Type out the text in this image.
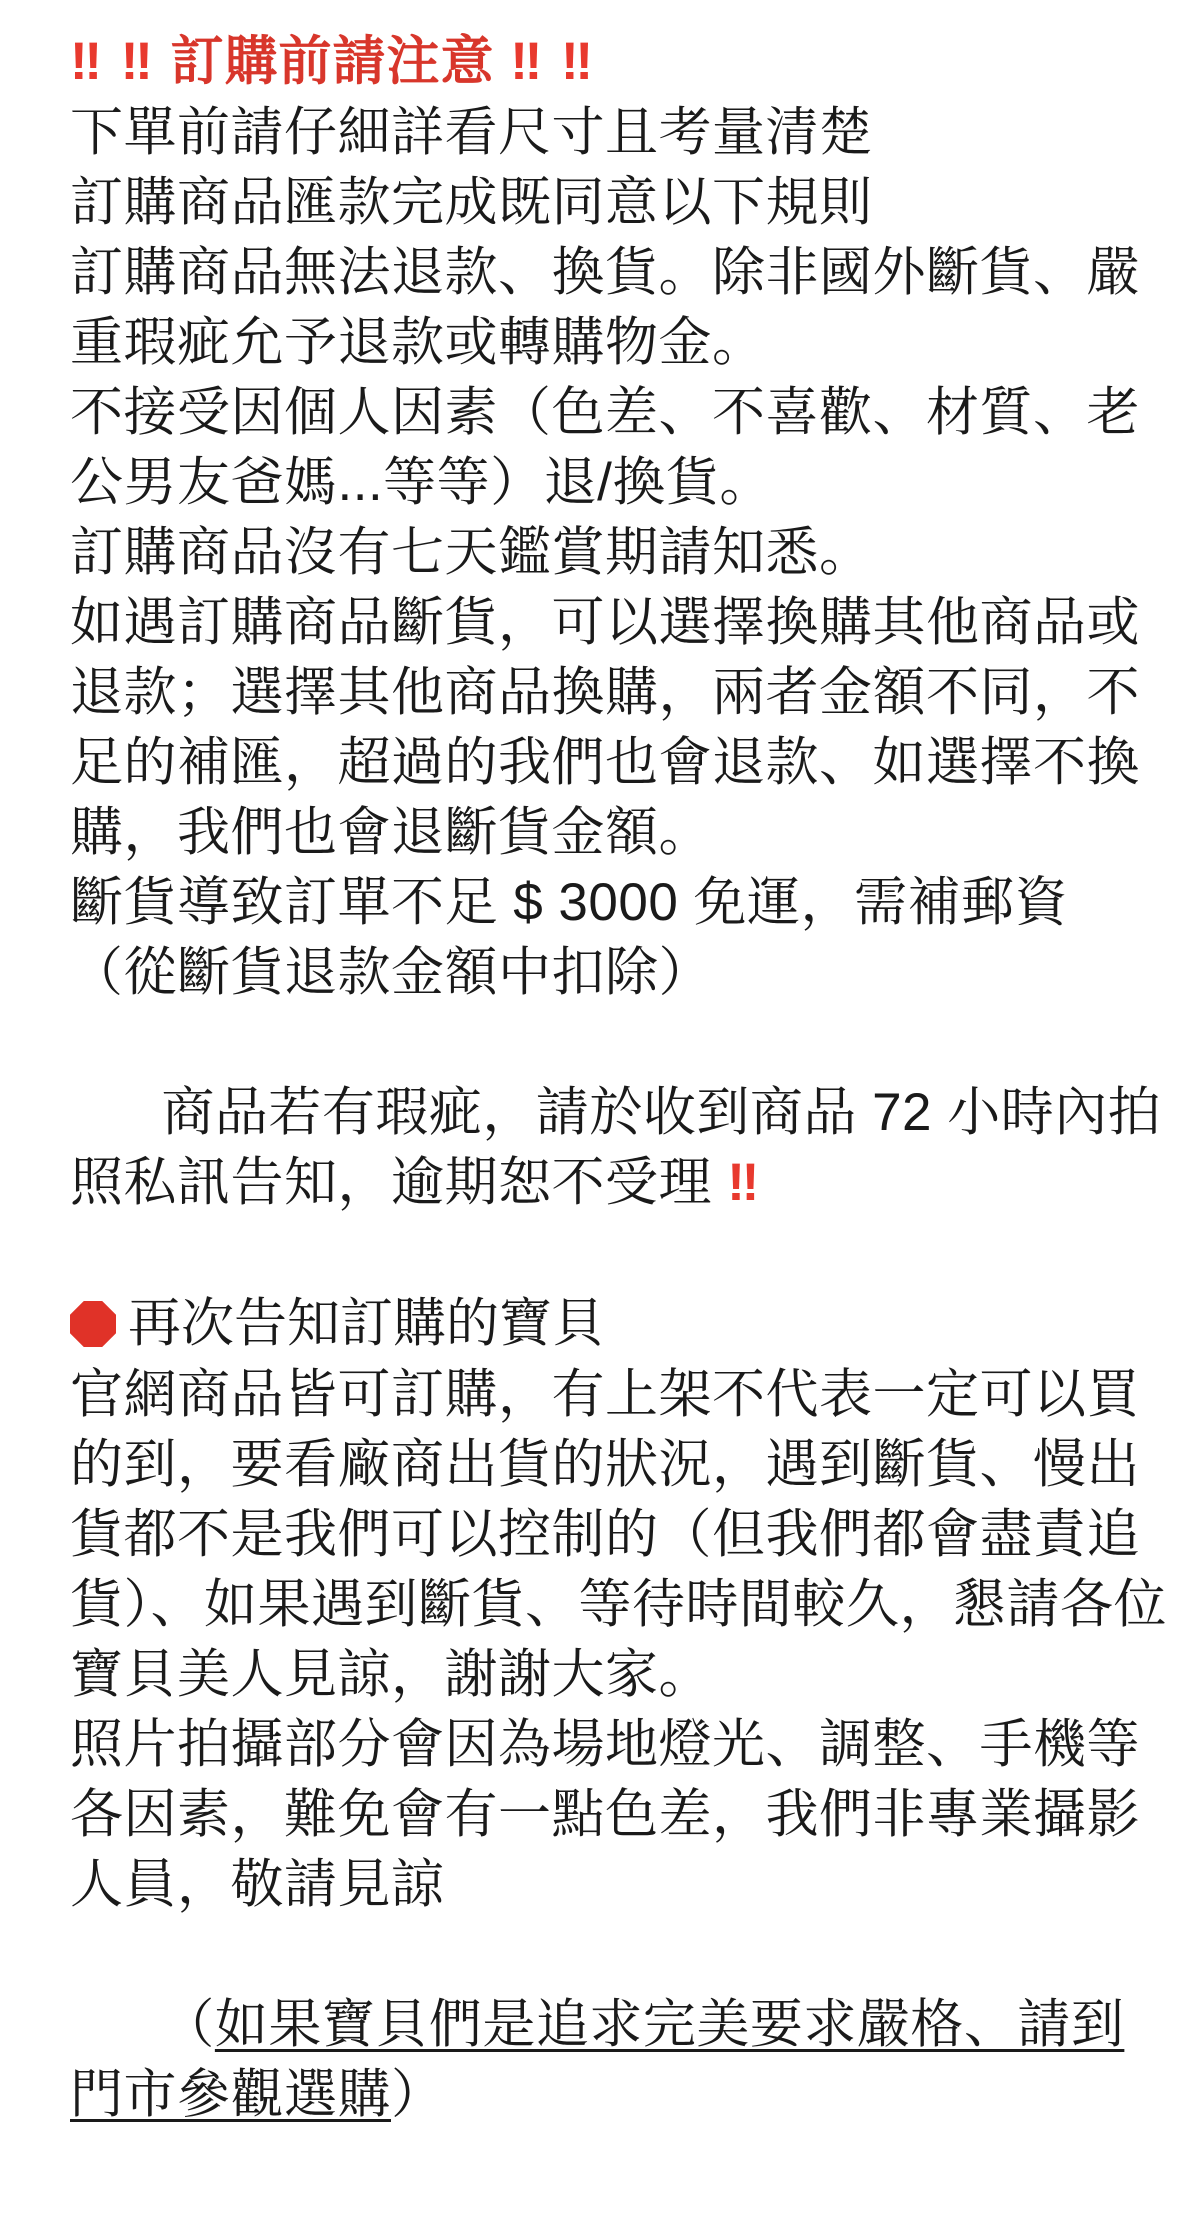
‼ ‼ 訂購前請注意 ‼ ‼
下單前請仔細詳看尺寸且考量清楚
訂購商品匯款完成既同意以下規則
訂購商品無法退款、換貨。除非國外斷貨、嚴重瑕疵允予退款或轉購物金。
不接受因個人因素（色差、不喜歡、材質、老公男友爸媽...等等）退/換貨。
訂購商品沒有七天鑑賞期請知悉。
如遇訂購商品斷貨，可以選擇換購其他商品或退款；選擇其他商品換購，兩者金額不同，不足的補匯，超過的我們也會退款、如選擇不換購，我們也會退斷貨金額。
斷貨導致訂單不足 $ 3000 免運，需補郵資（從斷貨退款金額中扣除）

商品若有瑕疵，請於收到商品 72 小時內拍照私訊告知，逾期恕不受理 ‼

再次告知訂購的寶貝
官網商品皆可訂購，有上架不代表一定可以買的到，要看廠商出貨的狀況，遇到斷貨、慢出貨都不是我們可以控制的（但我們都會盡責追貨）、如果遇到斷貨、等待時間較久，懇請各位寶貝美人見諒，謝謝大家。
照片拍攝部分會因為場地燈光、調整、手機等各因素，難免會有一點色差，我們非專業攝影人員，敬請見諒

（如果寶貝們是追求完美要求嚴格、請到門市參觀選購）
